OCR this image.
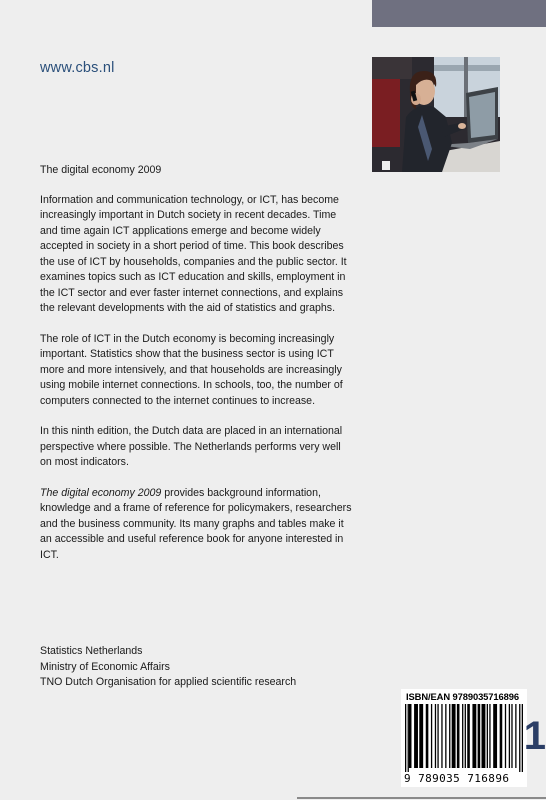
www.cbs.nl

The digital economy 2009

Information and communication technology, or ICT, has become increasingly important in Dutch society in recent decades. Time and time again ICT applications emerge and become widely accepted in society in a short period of time. This book describes the use of ICT by households, companies and the public sector. It examines topics such as ICT education and skills, employment in the ICT sector and ever faster internet connections, and explains the relevant developments with the aid of statistics and graphs.

The role of ICT in the Dutch economy is becoming increasingly important. Statistics show that the business sector is using ICT more and more intensively, and that households are increasingly using mobile internet connections. In schools, too, the number of computers connected to the internet continues to increase.

In this ninth edition, the Dutch data are placed in an international perspective where possible. The Netherlands performs very well on most indicators.

The digital economy 2009 provides background information, knowledge and a frame of reference for policymakers, researchers and the business community. Its many graphs and tables make it an accessible and useful reference book for anyone interested in ICT.

Statistics Netherlands
Ministry of Economic Affairs
TNO Dutch Organisation for applied scientific research
ISBN/EAN 9789035716896
9 789035 716896
1
